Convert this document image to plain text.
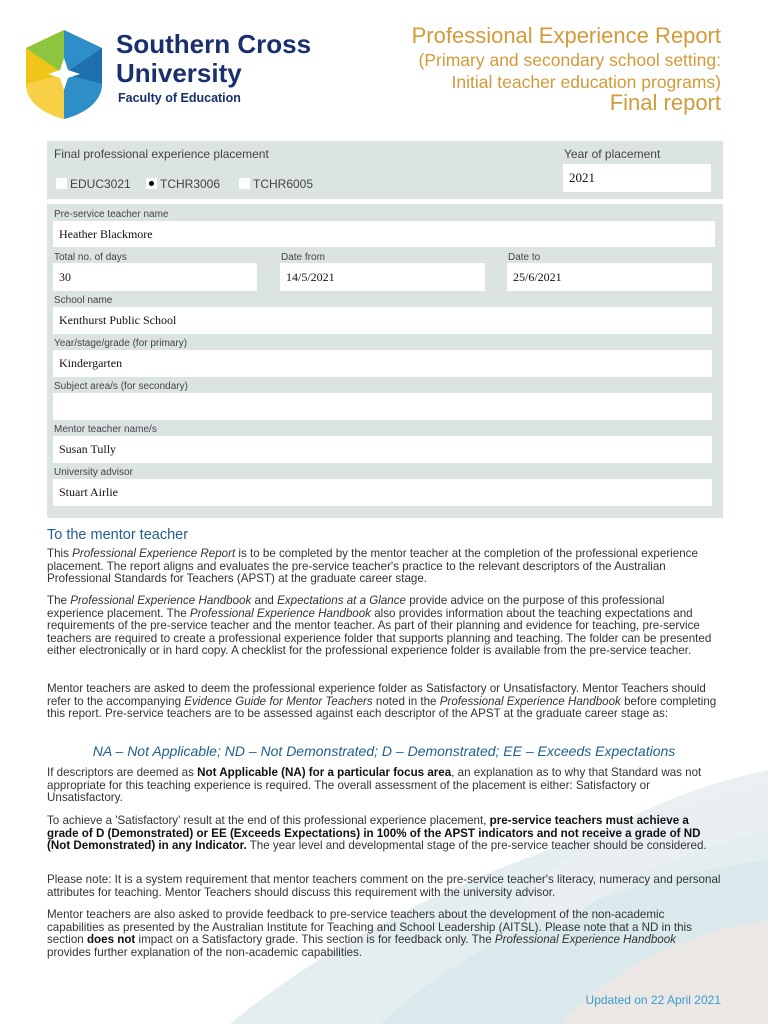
Southern Cross
University
Faculty of Education
Professional Experience Report
(Primary and secondary school setting:
Initial teacher education programs)
Final report
Final professional experience placement
EDUC3021	TCHR3006	TCHR6005
Year of placement
2021
Pre-service teacher name
Heather Blackmore
Total no. of days
30
Date from
14/5/2021
Date to
25/6/2021
School name
Kenthurst Public School
Year/stage/grade (for primary)
Kindergarten
Subject area/s (for secondary)
Mentor teacher name/s
Susan Tully
University advisor
Stuart Airlie
To the mentor teacher

This Professional Experience Report is to be completed by the mentor teacher at the completion of the professional experience placement. The report aligns and evaluates the pre-service teacher's practice to the relevant descriptors of the Australian Professional Standards for Teachers (APST) at the graduate career stage.

The Professional Experience Handbook and Expectations at a Glance provide advice on the purpose of this professional experience placement. The Professional Experience Handbook also provides information about the teaching expectations and requirements of the pre-service teacher and the mentor teacher. As part of their planning and evidence for teaching, pre-service teachers are required to create a professional experience folder that supports planning and teaching. The folder can be presented either electronically or in hard copy. A checklist for the professional experience folder is available from the pre-service teacher.

Mentor teachers are asked to deem the professional experience folder as Satisfactory or Unsatisfactory. Mentor Teachers should refer to the accompanying Evidence Guide for Mentor Teachers noted in the Professional Experience Handbook before completing this report. Pre-service teachers are to be assessed against each descriptor of the APST at the graduate career stage as:

NA – Not Applicable; ND – Not Demonstrated; D – Demonstrated; EE – Exceeds Expectations

If descriptors are deemed as Not Applicable (NA) for a particular focus area, an explanation as to why that Standard was not appropriate for this teaching experience is required. The overall assessment of the placement is either: Satisfactory or Unsatisfactory.

To achieve a 'Satisfactory' result at the end of this professional experience placement, pre-service teachers must achieve a grade of D (Demonstrated) or EE (Exceeds Expectations) in 100% of the APST indicators and not receive a grade of ND (Not Demonstrated) in any Indicator. The year level and developmental stage of the pre-service teacher should be considered.

Please note: It is a system requirement that mentor teachers comment on the pre-service teacher's literacy, numeracy and personal attributes for teaching. Mentor Teachers should discuss this requirement with the university advisor.

Mentor teachers are also asked to provide feedback to pre-service teachers about the development of the non-academic capabilities as presented by the Australian Institute for Teaching and School Leadership (AITSL). Please note that a ND in this section does not impact on a Satisfactory grade. This section is for feedback only. The Professional Experience Handbook provides further explanation of the non-academic capabilities.

Updated on 22 April 2021
